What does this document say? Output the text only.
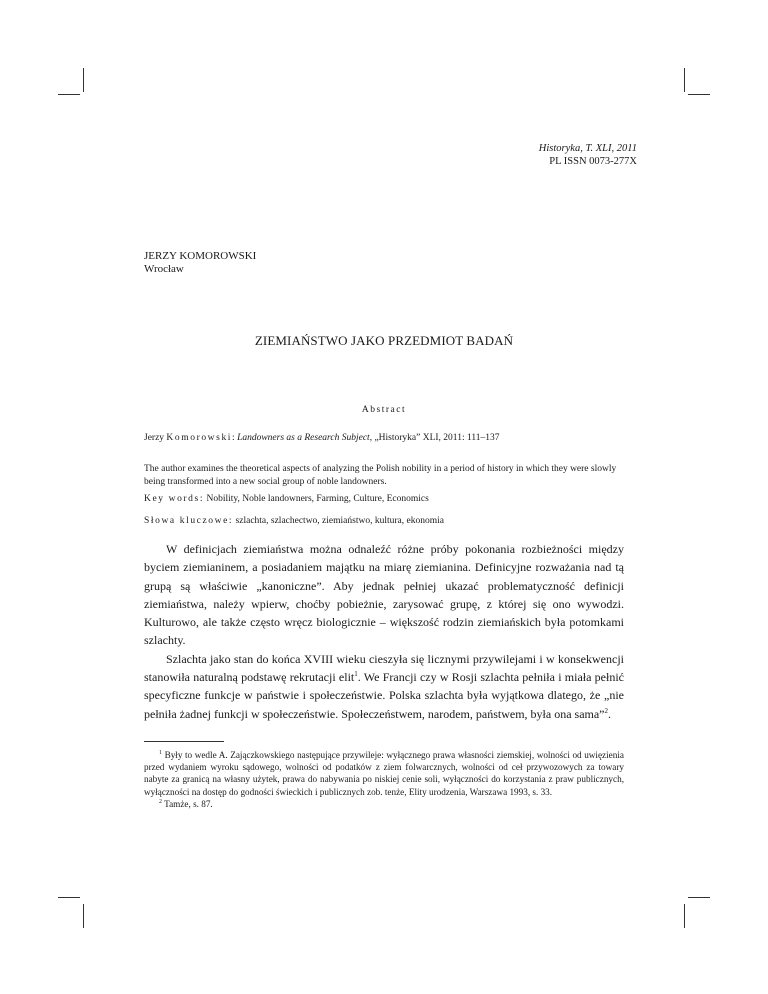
Historyka, T. XLI, 2011
PL ISSN 0073-277X
JERZY KOMOROWSKI
Wrocław
ZIEMIAŃSTWO JAKO PRZEDMIOT BADAŃ
Abstract
Jerzy Komorowski: Landowners as a Research Subject, „Historyka” XLI, 2011: 111–137
The author examines the theoretical aspects of analyzing the Polish nobility in a period of history in which they were slowly being transformed into a new social group of noble landowners.
Key words: Nobility, Noble landowners, Farming, Culture, Economics
Słowa kluczowe: szlachta, szlachectwo, ziemiaństwo, kultura, ekonomia

W definicjach ziemiaństwa można odnaleźć różne próby pokonania rozbieżności między byciem ziemianinem, a posiadaniem majątku na miarę ziemianina. Definicyjne rozważania nad tą grupą są właściwie „kanoniczne”. Aby jednak pełniej ukazać problematyczność definicji ziemiaństwa, należy wpierw, choćby pobieżnie, zarysować grupę, z której się ono wywodzi. Kulturowo, ale także często wręcz biologicznie – większość rodzin ziemiańskich była potomkami szlachty.

Szlachta jako stan do końca XVIII wieku cieszyła się licznymi przywilejami i w konsekwencji stanowiła naturalną podstawę rekrutacji elit$^1$. We Francji czy w Rosji szlachta pełniła i miała pełnić specyficzne funkcje w państwie i społeczeństwie. Polska szlachta była wyjątkowa dlatego, że „nie pełniła żadnej funkcji w społeczeństwie. Społeczeństwem, narodem, państwem, była ona sama”$^2$.

$^1$ Były to wedle A. Zajączkowskiego następujące przywileje: wyłącznego prawa własności ziemskiej, wolności od uwięzienia przed wydaniem wyroku sądowego, wolności od podatków z ziem folwarcznych, wolności od ceł przywozowych za towary nabyte za granicą na własny użytek, prawa do nabywania po niskiej cenie soli, wyłączności do korzystania z praw publicznych, wyłączności na dostęp do godności świeckich i publicznych zob. tenże, Elity urodzenia, Warszawa 1993, s. 33.

$^2$ Tamże, s. 87.
